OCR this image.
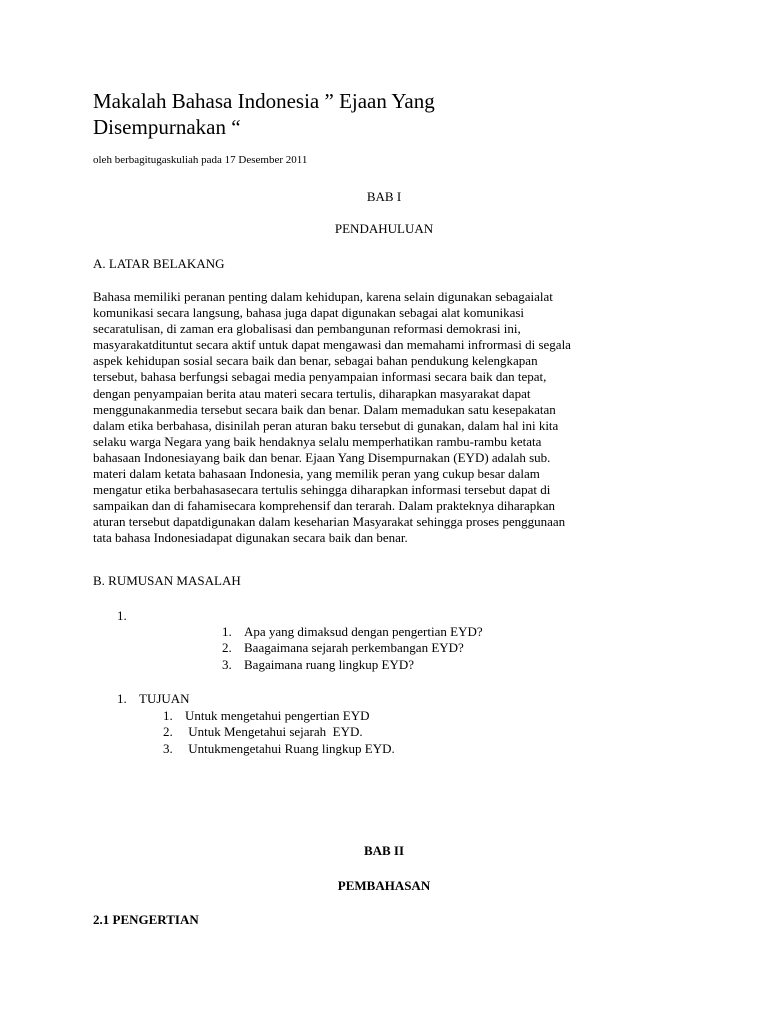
Makalah Bahasa Indonesia ” Ejaan Yang
Disempurnakan “
oleh berbagitugaskuliah pada 17 Desember 2011
BAB I
PENDAHULUAN
A. LATAR BELAKANG
Bahasa memiliki peranan penting dalam kehidupan, karena selain digunakan sebagaialat
komunikasi secara langsung, bahasa juga dapat digunakan sebagai alat komunikasi
secaratulisan, di zaman era globalisasi dan pembangunan reformasi demokrasi ini,
masyarakatdituntut secara aktif untuk dapat mengawasi dan memahami infrormasi di segala
aspek kehidupan sosial secara baik dan benar, sebagai bahan pendukung kelengkapan
tersebut, bahasa berfungsi sebagai media penyampaian informasi secara baik dan tepat,
dengan penyampaian berita atau materi secara tertulis, diharapkan masyarakat dapat
menggunakanmedia tersebut secara baik dan benar. Dalam memadukan satu kesepakatan
dalam etika berbahasa, disinilah peran aturan baku tersebut di gunakan, dalam hal ini kita
selaku warga Negara yang baik hendaknya selalu memperhatikan rambu-rambu ketata
bahasaan Indonesiayang baik dan benar. Ejaan Yang Disempurnakan (EYD) adalah sub.
materi dalam ketata bahasaan Indonesia, yang memilik peran yang cukup besar dalam
mengatur etika berbahasasecara tertulis sehingga diharapkan informasi tersebut dapat di
sampaikan dan di fahamisecara komprehensif dan terarah. Dalam prakteknya diharapkan
aturan tersebut dapatdigunakan dalam keseharian Masyarakat sehingga proses penggunaan
tata bahasa Indonesiadapat digunakan secara baik dan benar.
B. RUMUSAN MASALAH
1.
1. Apa yang dimaksud dengan pengertian EYD?
2. Baagaimana sejarah perkembangan EYD?
3. Bagaimana ruang lingkup EYD?
1. TUJUAN
1. Untuk mengetahui pengertian EYD
2. Untuk Mengetahui sejarah  EYD.
3. Untukmengetahui Ruang lingkup EYD.
BAB II
PEMBAHASAN
2.1 PENGERTIAN
